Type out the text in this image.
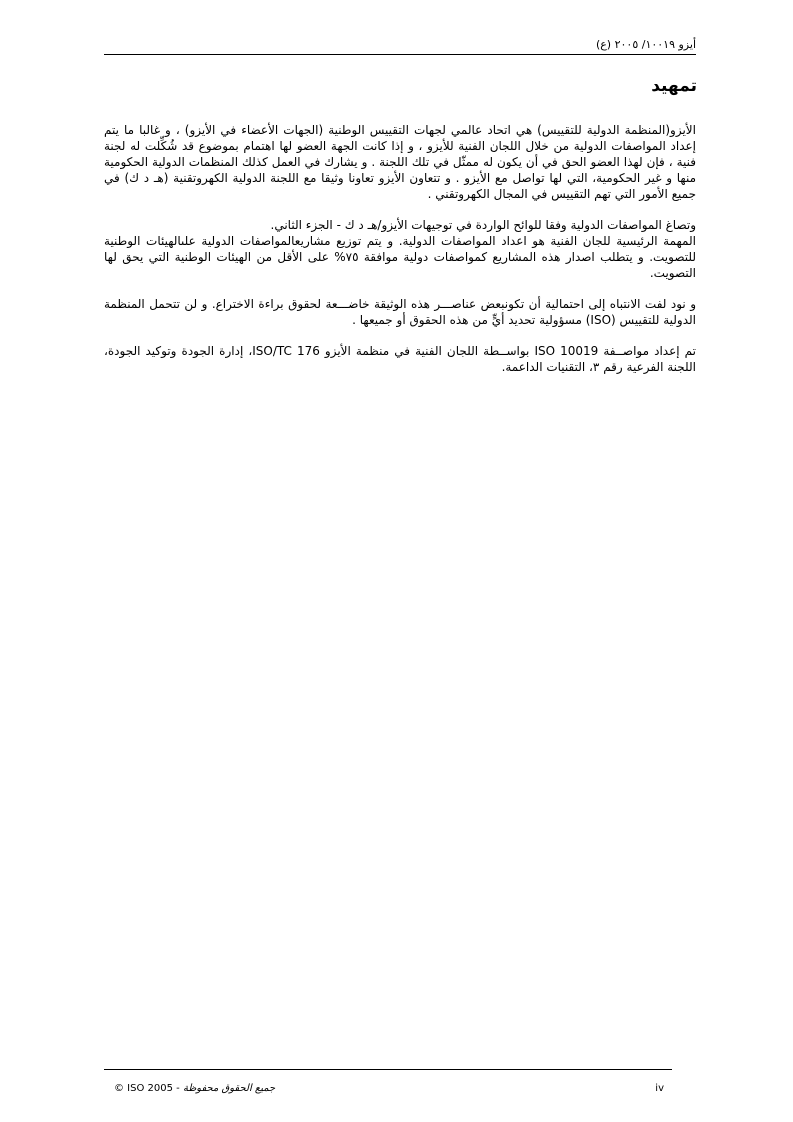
أيزو ١٠٠١٩/ ٢٠٠٥ (ع)
تمهيد

الأيزو(المنظمة الدولية للتقييس) هي اتحاد عالمي لجهات التقييس الوطنية (الجهات الأعضاء في الأيزو) ، و غالبا ما يتم إعداد المواصفات الدولية من خلال اللجان الفنية للأيزو ، و إذا كانت الجهة العضو لها اهتمام بموضوع قد شُكِّلت له لجنة فنية ، فإن لهذا العضو الحق في أن يكون له ممثّل في تلك اللجنة . و يشارك في العمل كذلك المنظمات الدولية الحكومية منها و غير الحكومية، التي لها تواصل مع الأيزو . و تتعاون الأيزو تعاونا وثيقا مع اللجنة الدولية الكهروتقنية (هـ د ك) في جميع الأمور التي تهم التقييس في المجال الكهروتقني .

وتصاغ المواصفات الدولية وفقا للوائح الواردة في توجيهات الأيزو/هـ د ك - الجزء الثاني.

المهمة الرئيسية للجان الفنية هو اعداد المواصفات الدولية. و يتم توزيع مشاريعالمواصفات الدولية علىالهيئات الوطنية للتصويت. و يتطلب اصدار هذه المشاريع كمواصفات دولية موافقة ٧٥% على الأقل من الهيئات الوطنية التي يحق لها التصويت.

و نود لفت الانتباه إلى احتمالية أن تكونبعض عناصـــر هذه الوثيقة خاضـــعة لحقوق براءة الاختراع. و لن تتحمل المنظمة الدولية للتقييس (ISO) مسؤولية تحديد أيٍّ من هذه الحقوق أو جميعها .

تم إعداد مواصــفة ISO 10019 بواســطة اللجان الفنية في منظمة الأيزو ISO/TC 176، إدارة الجودة وتوكيد الجودة، اللجنة الفرعية رقم ٣، التقنيات الداعمة.

© ISO 2005 - جميع الحقوق محفوظة	iv
